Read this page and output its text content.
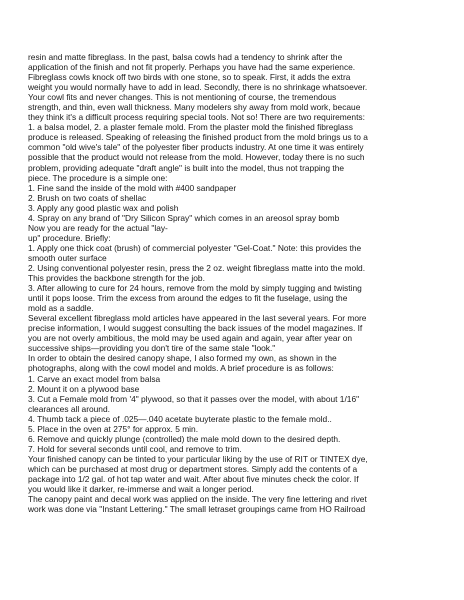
resin and matte fibreglass. In the past, balsa cowls had a tendency to shrink after the
application of the finish and not fit properly. Perhaps you have had the same experience.
Fibreglass cowls knock off two birds with one stone, so to speak. First, it adds the extra
weight you would normally have to add in lead. Secondly, there is no shrinkage whatsoever.
Your cowl fits and never changes. This is not mentioning of course, the tremendous
strength, and thin, even wall thickness. Many modelers shy away from mold work, becaue
they think it's a difficult process requiring special tools. Not so! There are two requirements:
1. a balsa model, 2. a plaster female mold. From the plaster mold the finished fibreglass
produce is released. Speaking of releasing the finished product from the mold brings us to a
common "old wive's tale" of the polyester fiber products industry. At one time it was entirely
possible that the product would not release from the mold. However, today there is no such
problem, providing adequate "draft angle" is built into the model, thus not trapping the
piece. The procedure is a simple one:
1. Fine sand the inside of the mold with #400 sandpaper
2. Brush on two coats of shellac
3. Apply any good plastic wax and polish
4. Spray on any brand of "Dry Silicon Spray" which comes in an areosol spray bomb
Now you are ready for the actual "lay-
up" procedure. Briefly:
1. Apply one thick coat (brush) of commercial polyester "Gel-Coat." Note: this provides the
smooth outer surface
2. Using conventional polyester resin, press the 2 oz. weight fibreglass matte into the mold.
This provides the backbone strength for the job.
3. After allowing to cure for 24 hours, remove from the mold by simply tugging and twisting
until it pops loose. Trim the excess from around the edges to fit the fuselage, using the
mold as a saddle.
Several excellent fibreglass mold articles have appeared in the last several years. For more
precise information, I would suggest consulting the back issues of the model magazines. If
you are not overly ambitious, the mold may be used again and again, year after year on
successive ships—providing you don't tire of the same stale "look."
In order to obtain the desired canopy shape, I also formed my own, as shown in the
photographs, along with the cowl model and molds. A brief procedure is as follows:
1. Carve an exact model from balsa
2. Mount it on a plywood base
3. Cut a Female mold from '4" plywood, so that it passes over the model, with about 1/16"
clearances all around.
4. Thumb tack a piece of .025—.040 acetate buyterate plastic to the female mold..
5. Place in the oven at 275° for approx. 5 min.
6. Remove and quickly plunge (controlled) the male mold down to the desired depth.
7. Hold for several seconds until cool, and remove to trim.
Your finished canopy can be tinted to your particular liking by the use of RIT or TINTEX dye,
which can be purchased at most drug or department stores. Simply add the contents of a
package into 1/2 gal. of hot tap water and wait. After about five minutes check the color. If
you would like it darker, re-immerse and wait a longer period.
The canopy paint and decal work was applied on the inside. The very fine lettering and rivet
work was done via "Instant Lettering." The small letraset groupings came from HO Railroad
